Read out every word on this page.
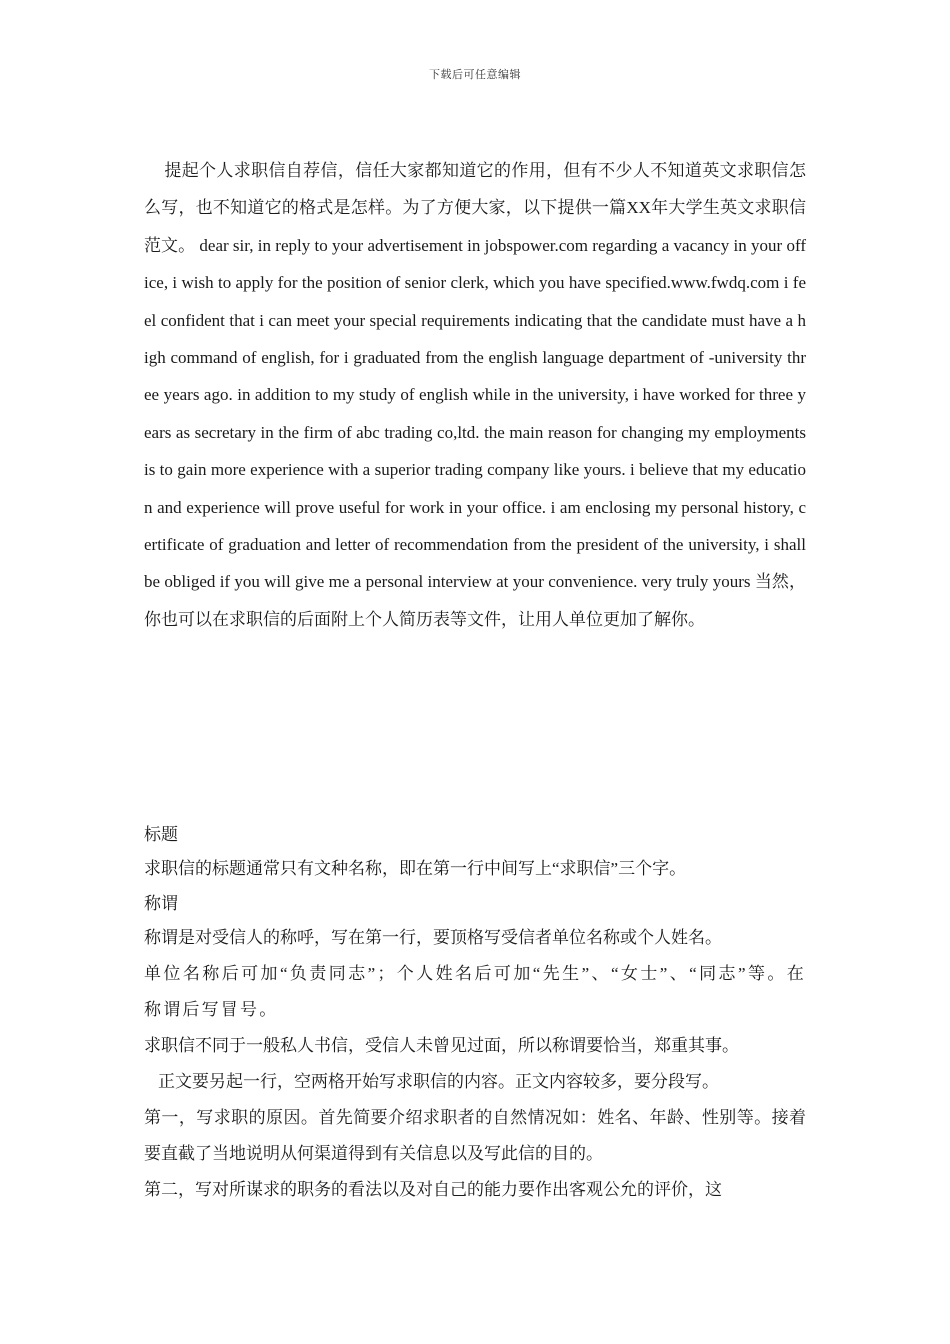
下载后可任意编辑
提起个人求职信自荐信，信任大家都知道它的作用，但有不少人不知道英文求职信怎么写，也不知道它的格式是怎样。为了方便大家，以下提供一篇XX年大学生英文求职信范文。 dear sir, in reply to your advertisement in jobspower.com regarding a vacancy in your office, i wish to apply for the position of senior clerk, which you have specified.www.fwdq.com i feel confident that i can meet your special requirements indicating that the candidate must have a high command of english, for i graduated from the english language department of -university three years ago. in addition to my study of english while in the university, i have worked for three years as secretary in the firm of abc trading co,ltd. the main reason for changing my employments is to gain more experience with a superior trading company like yours. i believe that my education and experience will prove useful for work in your office. i am enclosing my personal history, certificate of graduation and letter of recommendation from the president of the university, i shall be obliged if you will give me a personal interview at your convenience. very truly yours 当然，你也可以在求职信的后面附上个人简历表等文件，让用人单位更加了解你。

标题

求职信的标题通常只有文种名称，即在第一行中间写上“求职信”三个字。

称谓

称谓是对受信人的称呼，写在第一行，要顶格写受信者单位名称或个人姓名。

单位名称后可加“负责同志”；个人姓名后可加“先生”、“女士”、“同志”等。在称谓后写冒号。

求职信不同于一般私人书信，受信人未曾见过面，所以称谓要恰当，郑重其事。

正文要另起一行，空两格开始写求职信的内容。正文内容较多，要分段写。

第一，写求职的原因。首先简要介绍求职者的自然情况如：姓名、年龄、性别等。接着要直截了当地说明从何渠道得到有关信息以及写此信的目的。

第二，写对所谋求的职务的看法以及对自己的能力要作出客观公允的评价，这
